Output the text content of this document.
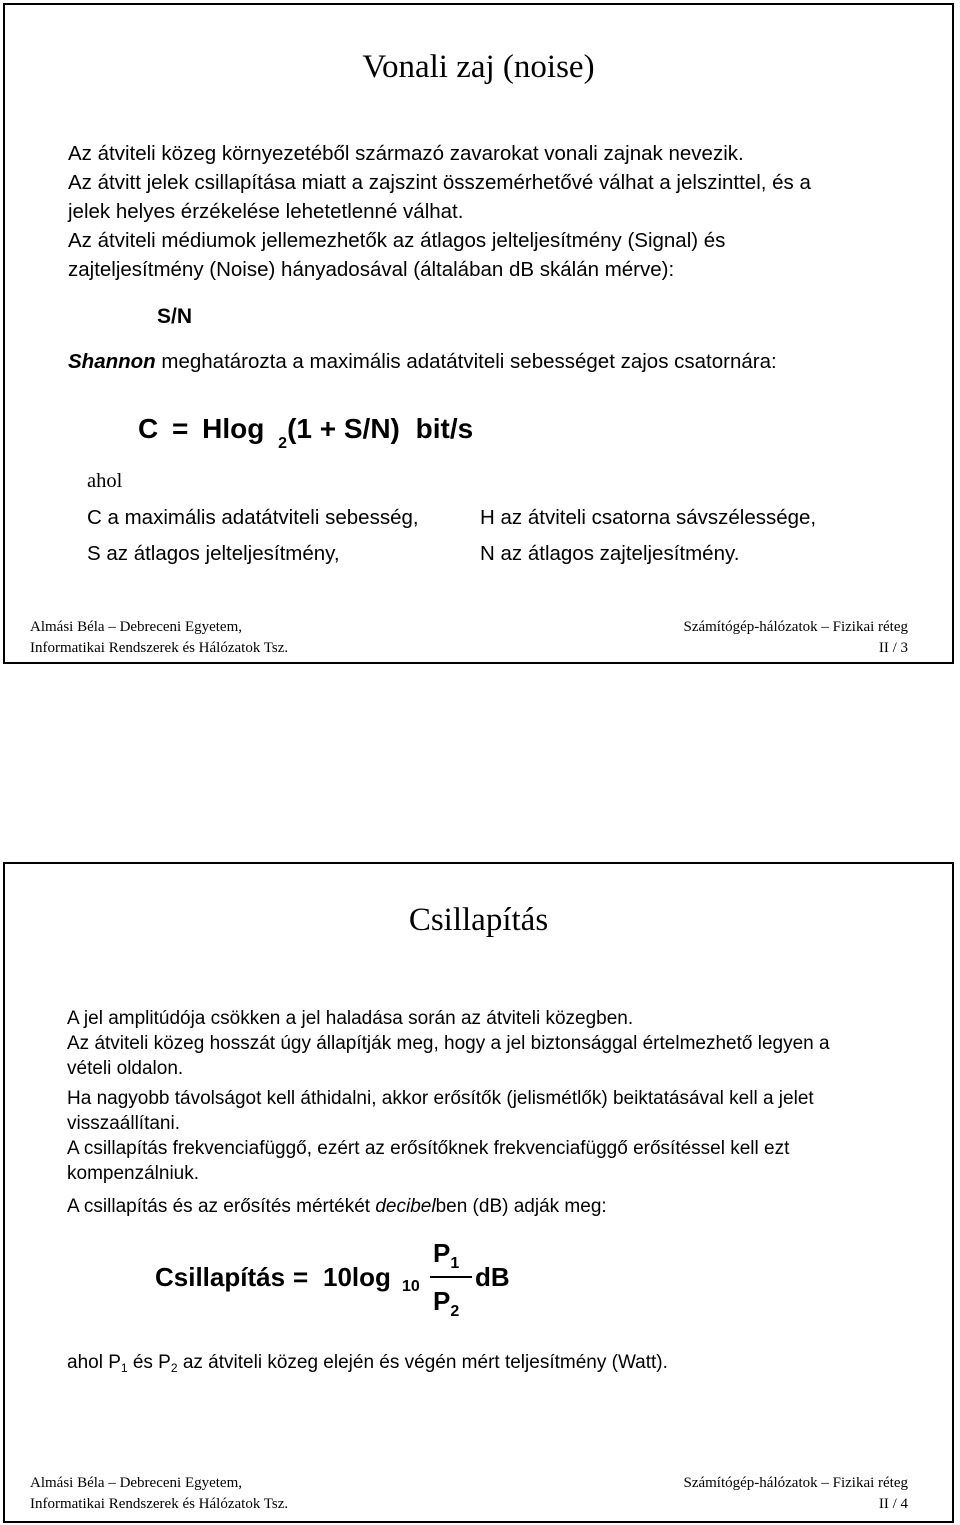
Vonali zaj (noise)
Az átviteli közeg környezetéből származó zavarokat vonali zajnak nevezik.
Az átvitt jelek csillapítása miatt a zajszint összemérhetővé válhat a jelszinttel, és a
jelek helyes érzékelése lehetetlenné válhat.
Az átviteli médiumok jellemezhetők az átlagos jelteljesítmény (Signal) és
zajteljesítmény (Noise) hányadosával (általában dB skálán mérve):
S/N
Shannon meghatározta a maximális adatátviteli sebességet zajos csatornára:
C = Hlog $_2$(1 + S/N) bit/s
ahol
C a maximális adatátviteli sebesség,
S az átlagos jelteljesítmény,
H az átviteli csatorna sávszélessége,
N az átlagos zajteljesítmény.
Almási Béla – Debreceni Egyetem,
Informatikai Rendszerek és Hálózatok Tsz.
Számítógép-hálózatok – Fizikai réteg
II / 3
Csillapítás
A jel amplitúdója csökken a jel haladása során az átviteli közegben.
Az átviteli közeg hosszát úgy állapítják meg, hogy a jel biztonsággal értelmezhető legyen a
vételi oldalon.
Ha nagyobb távolságot kell áthidalni, akkor erősítők (jelismétlők) beiktatásával kell a jelet
visszaállítani.
A csillapítás frekvenciafüggő, ezért az erősítőknek frekvenciafüggő erősítéssel kell ezt
kompenzálniuk.
A csillapítás és az erősítés mértékét decibelben (dB) adják meg:
Csillapítás = 10log 10
$P_1$
$P_2$
dB
ahol $P_1$ és $P_2$ az átviteli közeg elején és végén mért teljesítmény (Watt).
Almási Béla – Debreceni Egyetem,
Informatikai Rendszerek és Hálózatok Tsz.
Számítógép-hálózatok – Fizikai réteg
II / 4
